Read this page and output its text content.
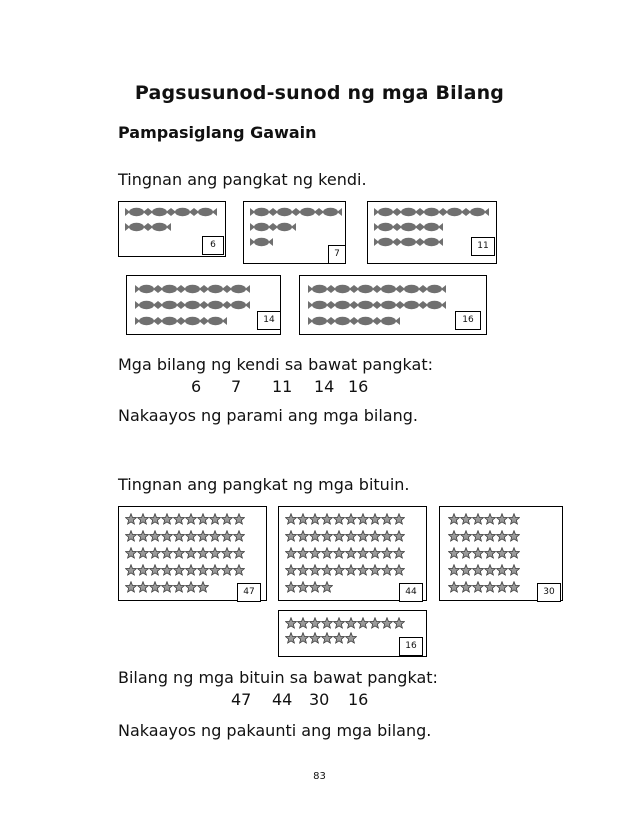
Pagsusunod-sunod ng mga Bilang
Pampasiglang Gawain
Tingnan ang pangkat ng kendi.
6
7
11
14	16
Mga bilang ng kendi sa bawat pangkat:
6 7 11 14 16
Nakaayos ng parami ang mga bilang.
Tingnan ang pangkat ng mga bituin.
47	44	30
16
Bilang ng mga bituin sa bawat pangkat:
47 44 30 16
Nakaayos ng pakaunti ang mga bilang.
83
